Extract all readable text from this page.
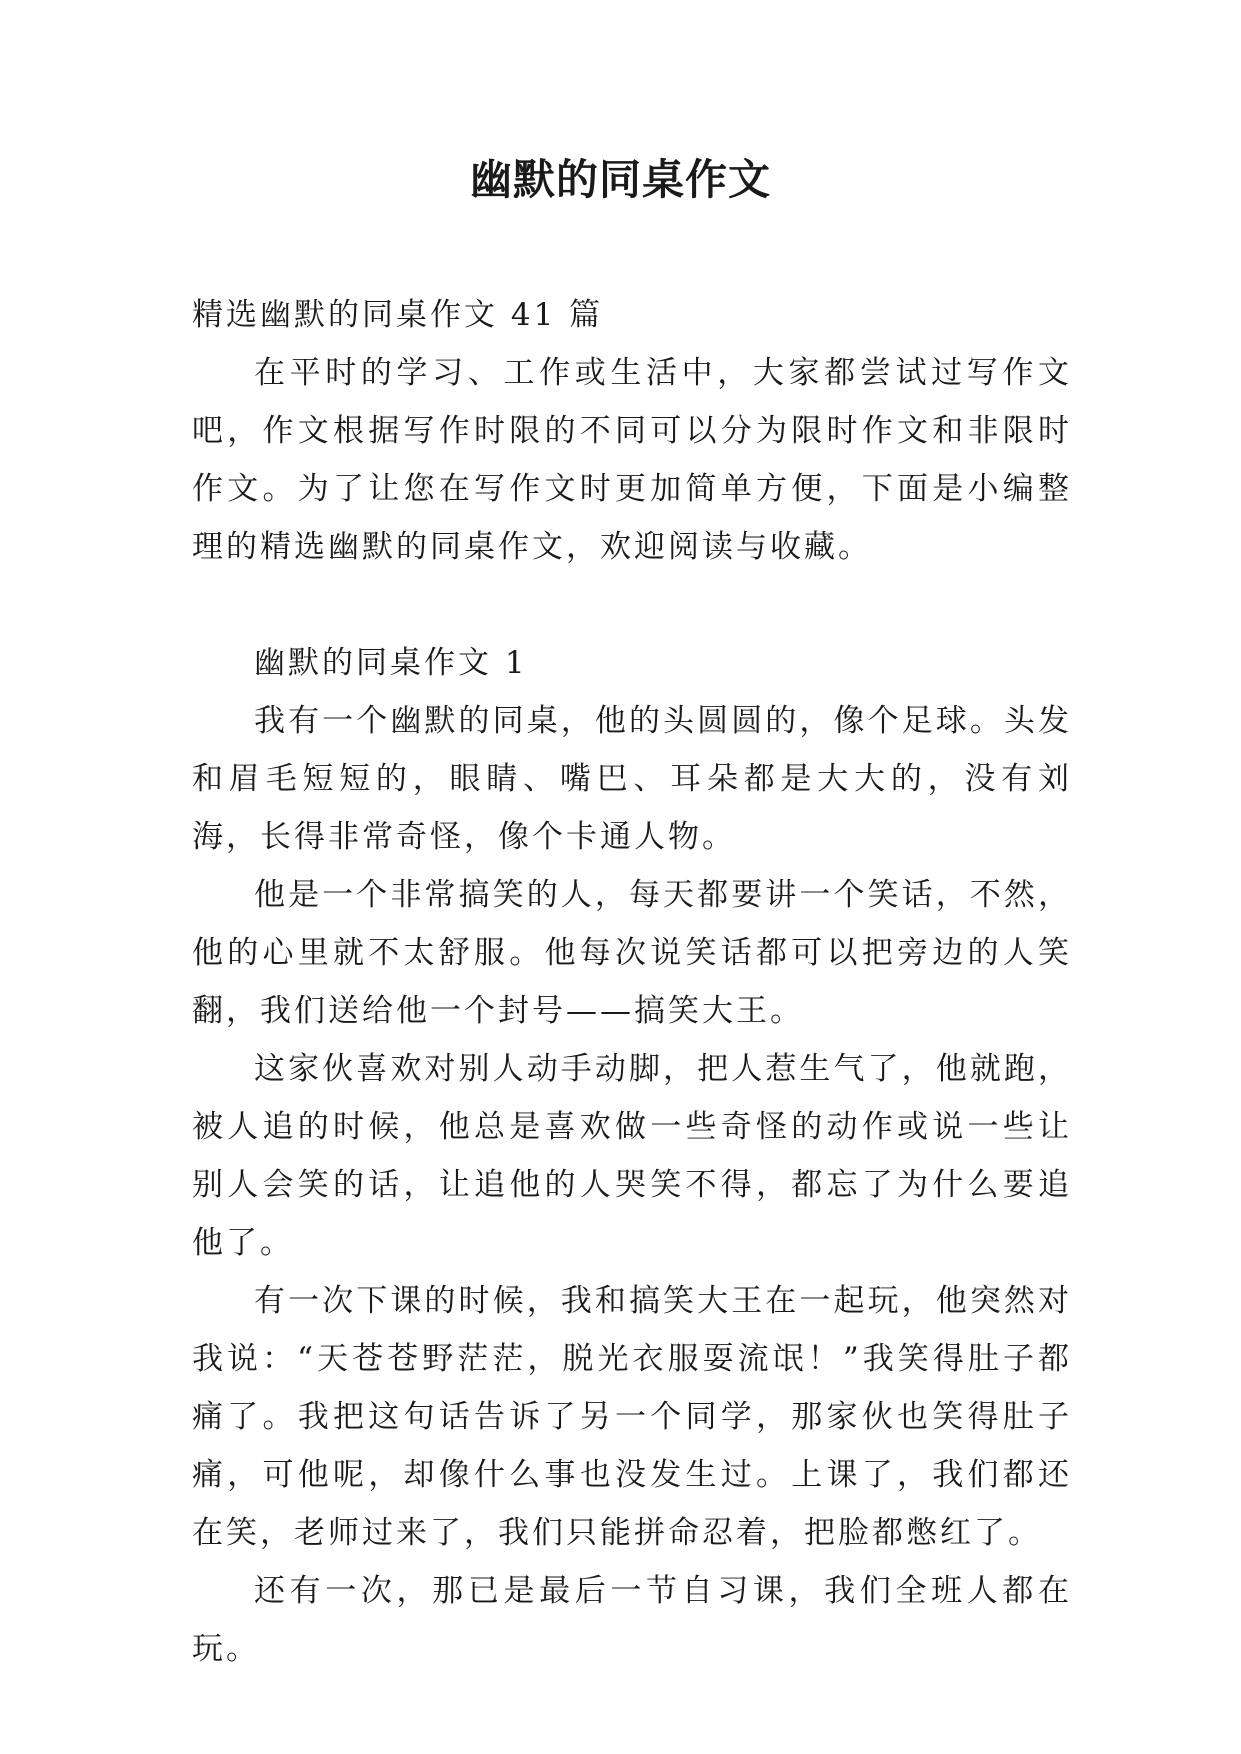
幽默的同桌作文

精选幽默的同桌作文 41 篇

在平时的学习、工作或生活中，大家都尝试过写作文吧，作文根据写作时限的不同可以分为限时作文和非限时作文。为了让您在写作文时更加简单方便，下面是小编整理的精选幽默的同桌作文，欢迎阅读与收藏。

幽默的同桌作文 1

我有一个幽默的同桌，他的头圆圆的，像个足球。头发和眉毛短短的，眼睛、嘴巴、耳朵都是大大的，没有刘海，长得非常奇怪，像个卡通人物。

他是一个非常搞笑的人，每天都要讲一个笑话，不然，他的心里就不太舒服。他每次说笑话都可以把旁边的人笑翻，我们送给他一个封号——搞笑大王。

这家伙喜欢对别人动手动脚，把人惹生气了，他就跑，被人追的时候，他总是喜欢做一些奇怪的动作或说一些让别人会笑的话，让追他的人哭笑不得，都忘了为什么要追他了。

有一次下课的时候，我和搞笑大王在一起玩，他突然对我说：“天苍苍野茫茫，脱光衣服耍流氓！”我笑得肚子都痛了。我把这句话告诉了另一个同学，那家伙也笑得肚子痛，可他呢，却像什么事也没发生过。上课了，我们都还在笑，老师过来了，我们只能拼命忍着，把脸都憋红了。

还有一次，那已是最后一节自习课，我们全班人都在玩。
